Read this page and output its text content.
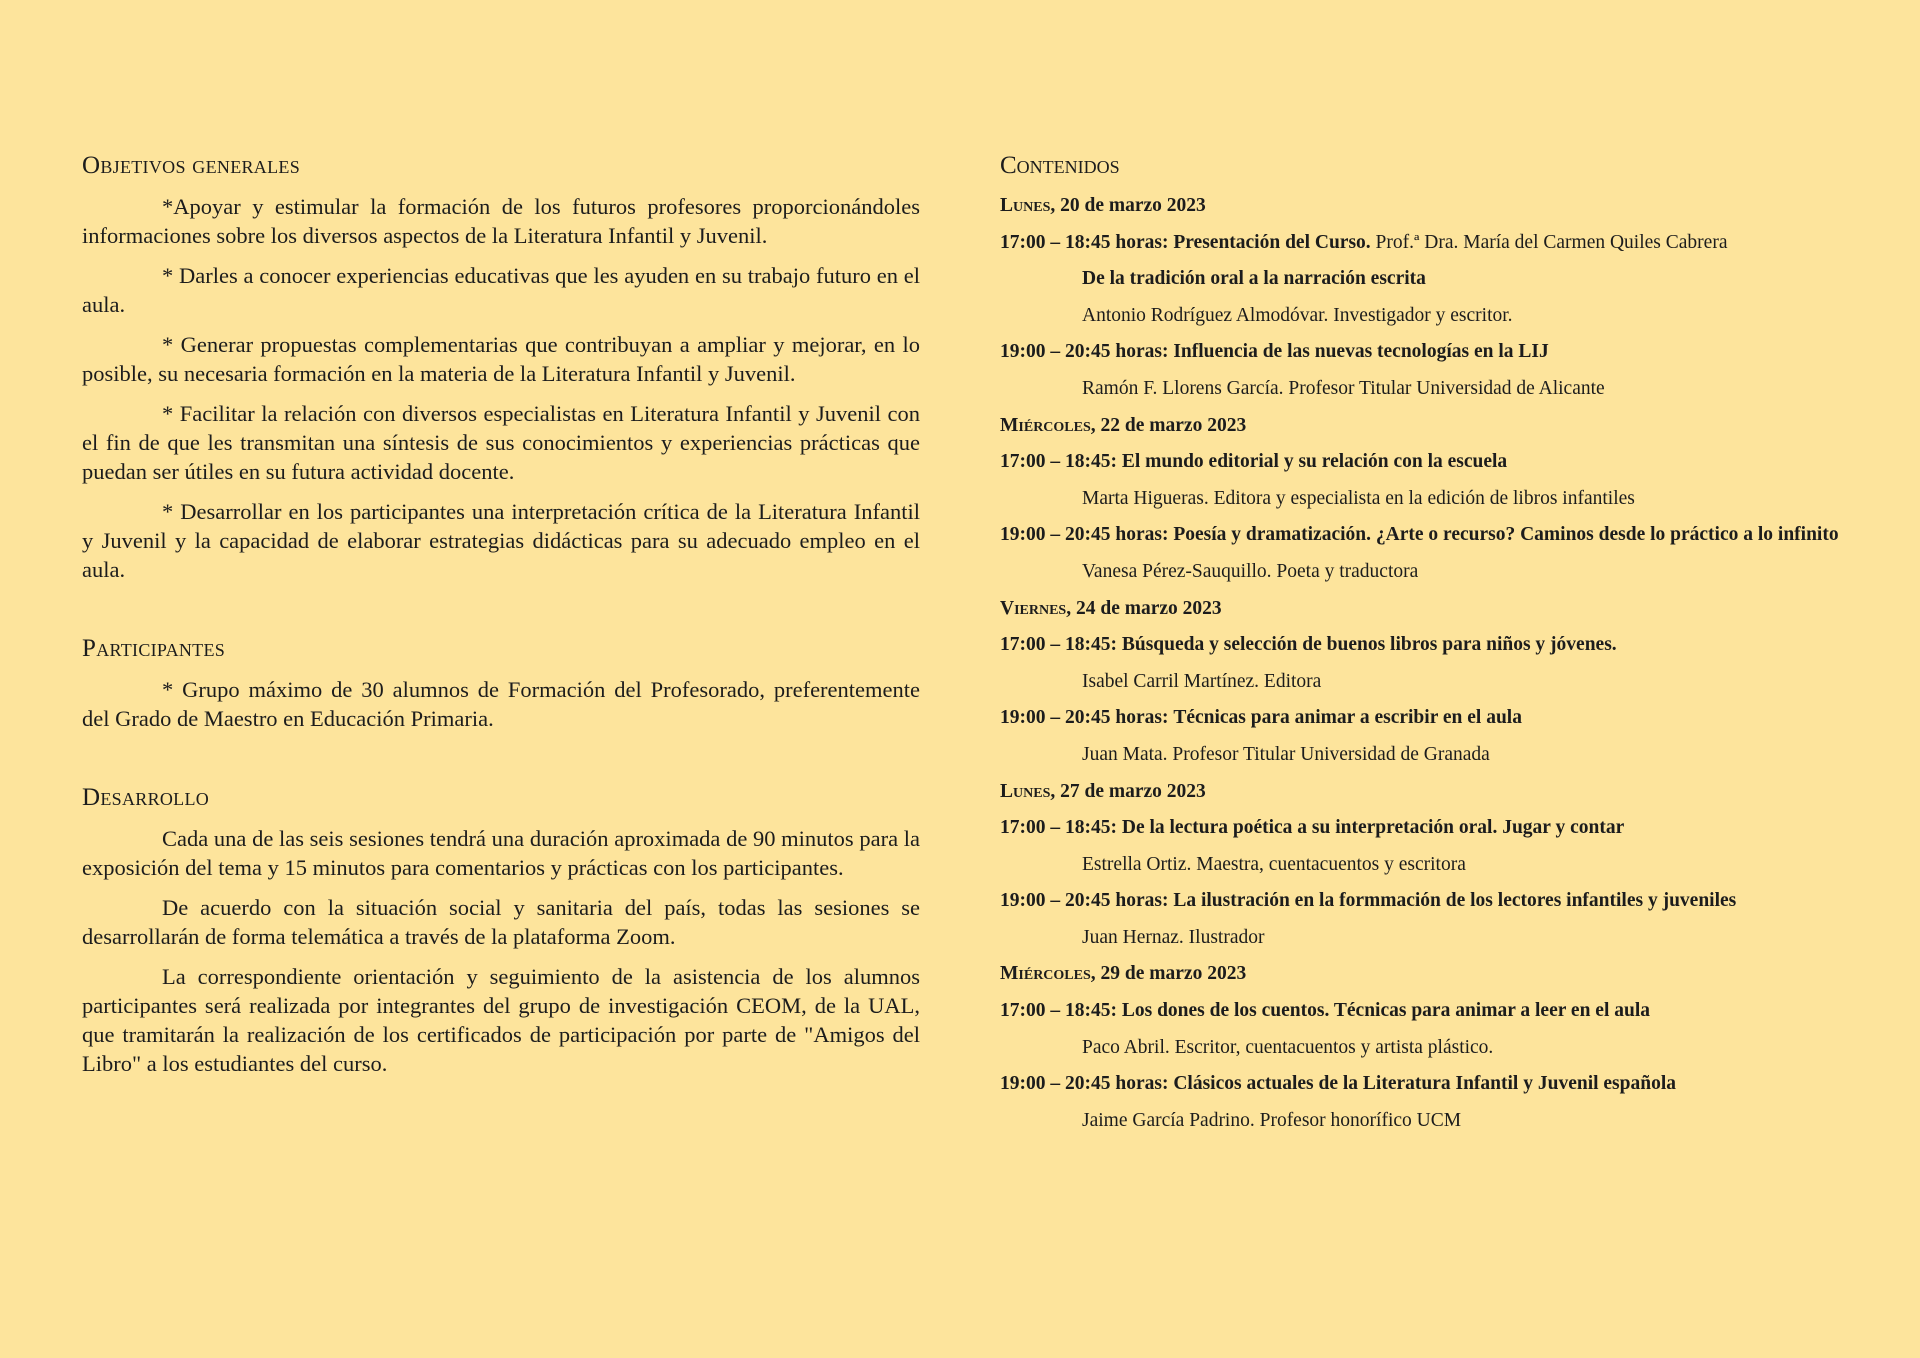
Objetivos generales

*Apoyar y estimular la formación de los futuros profesores proporcionándoles informaciones sobre los diversos aspectos de la Literatura Infantil y Juvenil.

* Darles a conocer experiencias educativas que les ayuden en su trabajo futuro en el aula.

* Generar propuestas complementarias que contribuyan a ampliar y mejorar, en lo posible, su necesaria formación en la materia de la Literatura Infantil y Juvenil.

* Facilitar la relación con diversos especialistas en Literatura Infantil y Juvenil con el fin de que les transmitan una síntesis de sus conocimientos y experiencias prácticas que puedan ser útiles en su futura actividad docente.

* Desarrollar en los participantes una interpretación crítica de la Literatura Infantil y Juvenil y la capacidad de elaborar estrategias didácticas para su adecuado empleo en el aula.

Participantes

* Grupo máximo de 30 alumnos de Formación del Profesorado, preferentemente del Grado de Maestro en Educación Primaria.

Desarrollo

Cada una de las seis sesiones tendrá una duración aproximada de 90 minutos para la exposición del tema y 15 minutos para comentarios y prácticas con los participantes.

De acuerdo con la situación social y sanitaria del país, todas las sesiones se desarrollarán de forma telemática a través de la plataforma Zoom.

La correspondiente orientación y seguimiento de la asistencia de los alumnos participantes será realizada por integrantes del grupo de investigación CEOM, de la UAL, que tramitarán la realización de los certificados de participación por parte de "Amigos del Libro" a los estudiantes del curso.

Contenidos

Lunes, 20 de marzo 2023

17:00 – 18:45 horas: Presentación del Curso. Prof.ª Dra. María del Carmen Quiles Cabrera

De la tradición oral a la narración escrita

Antonio Rodríguez Almodóvar. Investigador y escritor.

19:00 – 20:45 horas: Influencia de las nuevas tecnologías en la LIJ

Ramón F. Llorens García. Profesor Titular Universidad de Alicante

Miércoles, 22 de marzo 2023

17:00 – 18:45: El mundo editorial y su relación con la escuela

Marta Higueras. Editora y especialista en la edición de libros infantiles

19:00 – 20:45 horas: Poesía y dramatización. ¿Arte o recurso? Caminos desde lo práctico a lo infinito

Vanesa Pérez-Sauquillo. Poeta y traductora

Viernes, 24 de marzo 2023

17:00 – 18:45: Búsqueda y selección de buenos libros para niños y jóvenes.

Isabel Carril Martínez. Editora

19:00 – 20:45 horas: Técnicas para animar a escribir en el aula

Juan Mata. Profesor Titular Universidad de Granada

Lunes, 27 de marzo 2023

17:00 – 18:45: De la lectura poética a su interpretación oral. Jugar y contar

Estrella Ortiz. Maestra, cuentacuentos y escritora

19:00 – 20:45 horas: La ilustración en la formmación de los lectores infantiles y juveniles

Juan Hernaz. Ilustrador

Miércoles, 29 de marzo 2023

17:00 – 18:45: Los dones de los cuentos. Técnicas para animar a leer en el aula

Paco Abril. Escritor, cuentacuentos y artista plástico.

19:00 – 20:45 horas: Clásicos actuales de la Literatura Infantil y Juvenil española

Jaime García Padrino. Profesor honorífico UCM
